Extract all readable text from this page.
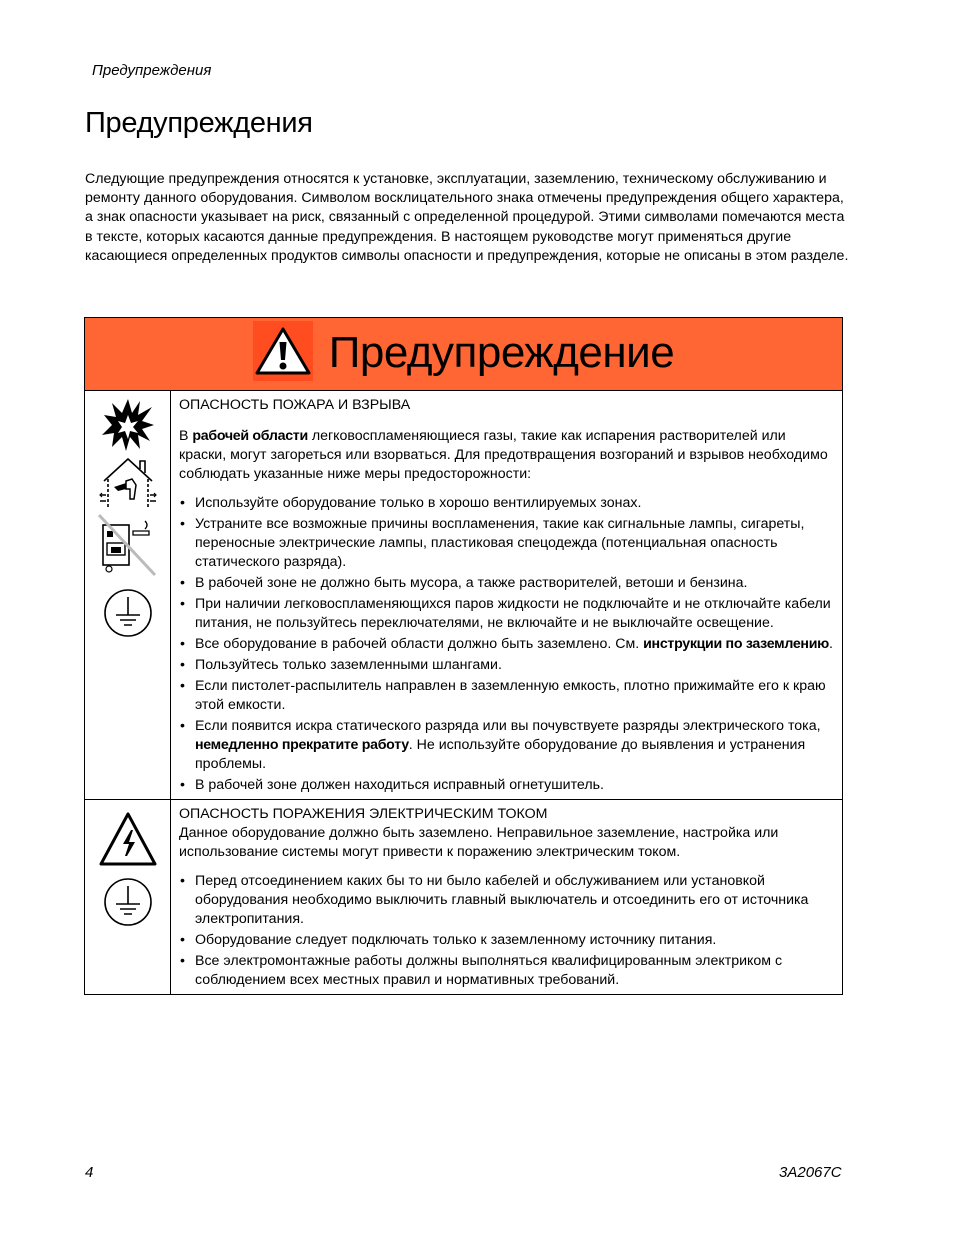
Предупреждения
Предупреждения

Следующие предупреждения относятся к установке, эксплуатации, заземлению, техническому обслуживанию и ремонту данного оборудования. Символом восклицательного знака отмечены предупреждения общего характера, а знак опасности указывает на риск, связанный с определенной процедурой. Этими символами помечаются места в тексте, которых касаются данные предупреждения. В настоящем руководстве могут применяться другие касающиеся определенных продуктов символы опасности и предупреждения, которые не описаны в этом разделе.

Предупреждение
ОПАСНОСТЬ ПОЖАРА И ВЗРЫВА

В рабочей области легковоспламеняющиеся газы, такие как испарения растворителей или краски, могут загореться или взорваться. Для предотвращения возгораний и взрывов необходимо соблюдать указанные ниже меры предосторожности:

• Используйте оборудование только в хорошо вентилируемых зонах.
• Устраните все возможные причины воспламенения, такие как сигнальные лампы, сигареты, переносные электрические лампы, пластиковая спецодежда (потенциальная опасность статического разряда).
• В рабочей зоне не должно быть мусора, а также растворителей, ветоши и бензина.
• При наличии легковоспламеняющихся паров жидкости не подключайте и не отключайте кабели питания, не пользуйтесь переключателями, не включайте и не выключайте освещение.
• Все оборудование в рабочей области должно быть заземлено. См. инструкции по заземлению.
• Пользуйтесь только заземленными шлангами.
• Если пистолет-распылитель направлен в заземленную емкость, плотно прижимайте его к краю этой емкости.
• Если появится искра статического разряда или вы почувствуете разряды электрического тока, немедленно прекратите работу. Не используйте оборудование до выявления и устранения проблемы.
• В рабочей зоне должен находиться исправный огнетушитель.
ОПАСНОСТЬ ПОРАЖЕНИЯ ЭЛЕКТРИЧЕСКИМ ТОКОМ

Данное оборудование должно быть заземлено. Неправильное заземление, настройка или использование системы могут привести к поражению электрическим током.

• Перед отсоединением каких бы то ни было кабелей и обслуживанием или установкой оборудования необходимо выключить главный выключатель и отсоединить его от источника электропитания.
• Оборудование следует подключать только к заземленному источнику питания.
• Все электромонтажные работы должны выполняться квалифицированным электриком с соблюдением всех местных правил и нормативных требований.
4	3A2067C
